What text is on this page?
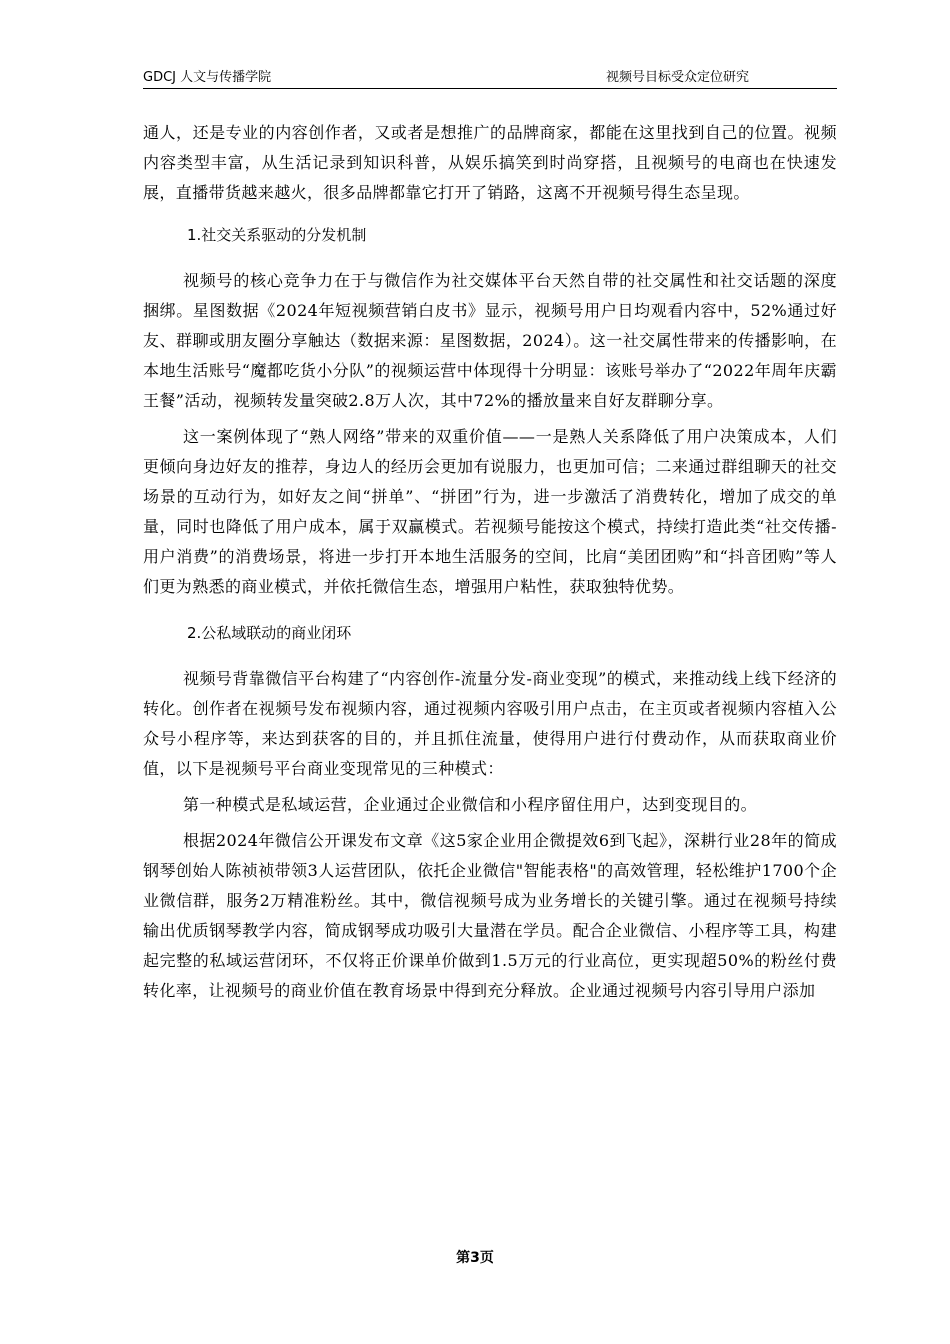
GDCJ 人文与传播学院	视频号目标受众定位研究

通人，还是专业的内容创作者，又或者是想推广的品牌商家，都能在这里找到自己的位置。视频内容类型丰富，从生活记录到知识科普，从娱乐搞笑到时尚穿搭，且视频号的电商也在快速发展，直播带货越来越火，很多品牌都靠它打开了销路，这离不开视频号得生态呈现。

1.社交关系驱动的分发机制

视频号的核心竞争力在于与微信作为社交媒体平台天然自带的社交属性和社交话题的深度捆绑。星图数据《2024年短视频营销白皮书》显示，视频号用户日均观看内容中，52%通过好友、群聊或朋友圈分享触达（数据来源：星图数据，2024）。这一社交属性带来的传播影响，在本地生活账号“魔都吃货小分队”的视频运营中体现得十分明显：该账号举办了“2022年周年庆霸王餐”活动，视频转发量突破2.8万人次，其中72%的播放量来自好友群聊分享。

这一案例体现了“熟人网络”带来的双重价值——一是熟人关系降低了用户决策成本，人们更倾向身边好友的推荐，身边人的经历会更加有说服力，也更加可信；二来通过群组聊天的社交场景的互动行为，如好友之间“拼单”、“拼团”行为，进一步激活了消费转化，增加了成交的单量，同时也降低了用户成本，属于双赢模式。若视频号能按这个模式，持续打造此类“社交传播-用户消费”的消费场景，将进一步打开本地生活服务的空间，比肩“美团团购”和“抖音团购”等人们更为熟悉的商业模式，并依托微信生态，增强用户粘性，获取独特优势。

2.公私域联动的商业闭环

视频号背靠微信平台构建了“内容创作-流量分发-商业变现”的模式，来推动线上线下经济的转化。创作者在视频号发布视频内容，通过视频内容吸引用户点击，在主页或者视频内容植入公众号小程序等，来达到获客的目的，并且抓住流量，使得用户进行付费动作，从而获取商业价值，以下是视频号平台商业变现常见的三种模式：

第一种模式是私域运营，企业通过企业微信和小程序留住用户，达到变现目的。

根据2024年微信公开课发布文章《这5家企业用企微提效6到飞起》，深耕行业28年的简成钢琴创始人陈祯祯带领3人运营团队，依托企业微信"智能表格"的高效管理，轻松维护1700个企业微信群，服务2万精准粉丝。其中，微信视频号成为业务增长的关键引擎。通过在视频号持续输出优质钢琴教学内容，简成钢琴成功吸引大量潜在学员。配合企业微信、小程序等工具，构建起完整的私域运营闭环，不仅将正价课单价做到1.5万元的行业高位，更实现超50%的粉丝付费转化率，让视频号的商业价值在教育场景中得到充分释放。企业通过视频号内容引导用户添加

第3页
